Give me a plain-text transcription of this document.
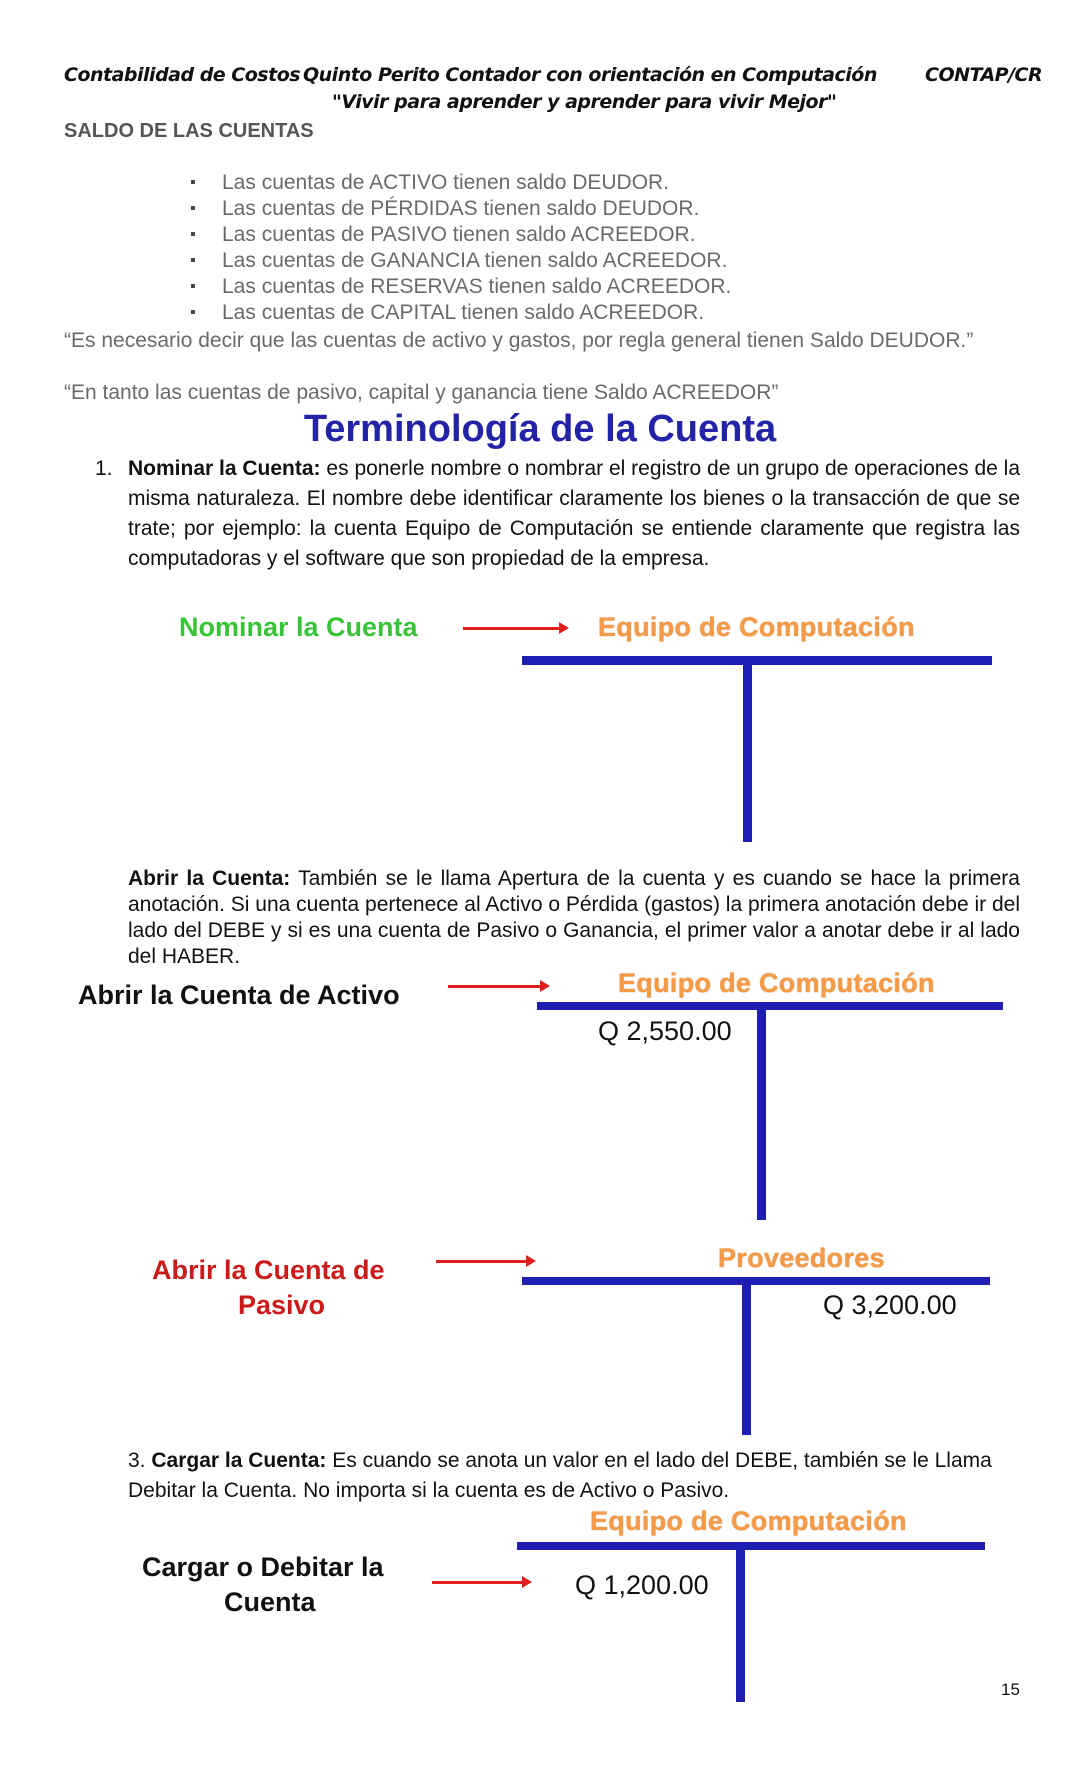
Contabilidad de Costos Quinto Perito Contador con orientación en Computación	CONTAP/CR
"Vivir para aprender y aprender para vivir Mejor"
SALDO DE LAS CUENTAS
▪ Las cuentas de ACTIVO tienen saldo DEUDOR.
▪ Las cuentas de PÉRDIDAS tienen saldo DEUDOR.
▪ Las cuentas de PASIVO tienen saldo ACREEDOR.
▪ Las cuentas de GANANCIA tienen saldo ACREEDOR.
▪ Las cuentas de RESERVAS tienen saldo ACREEDOR.
▪ Las cuentas de CAPITAL tienen saldo ACREEDOR.
“Es necesario decir que las cuentas de activo y gastos, por regla general tienen Saldo DEUDOR.”
“En tanto las cuentas de pasivo, capital y ganancia tiene Saldo ACREEDOR”
Terminología de la Cuenta
1. Nominar la Cuenta: es ponerle nombre o nombrar el registro de un grupo de operaciones de la misma naturaleza. El nombre debe identificar claramente los bienes o la transacción de que se trate; por ejemplo: la cuenta Equipo de Computación se entiende claramente que registra las computadoras y el software que son propiedad de la empresa.
Nominar la Cuenta	Equipo de Computación
Abrir la Cuenta: También se le llama Apertura de la cuenta y es cuando se hace la primera anotación. Si una cuenta pertenece al Activo o Pérdida (gastos) la primera anotación debe ir del lado del DEBE y si es una cuenta de Pasivo o Ganancia, el primer valor a anotar debe ir al lado del HABER.
Abrir la Cuenta de Activo	Equipo de Computación
Q 2,550.00
Abrir la Cuenta de
Pasivo
Proveedores
Q 3,200.00
3. Cargar la Cuenta: Es cuando se anota un valor en el lado del DEBE, también se le Llama Debitar la Cuenta. No importa si la cuenta es de Activo o Pasivo.
Equipo de Computación
Cargar o Debitar la
Cuenta
Q 1,200.00
15
